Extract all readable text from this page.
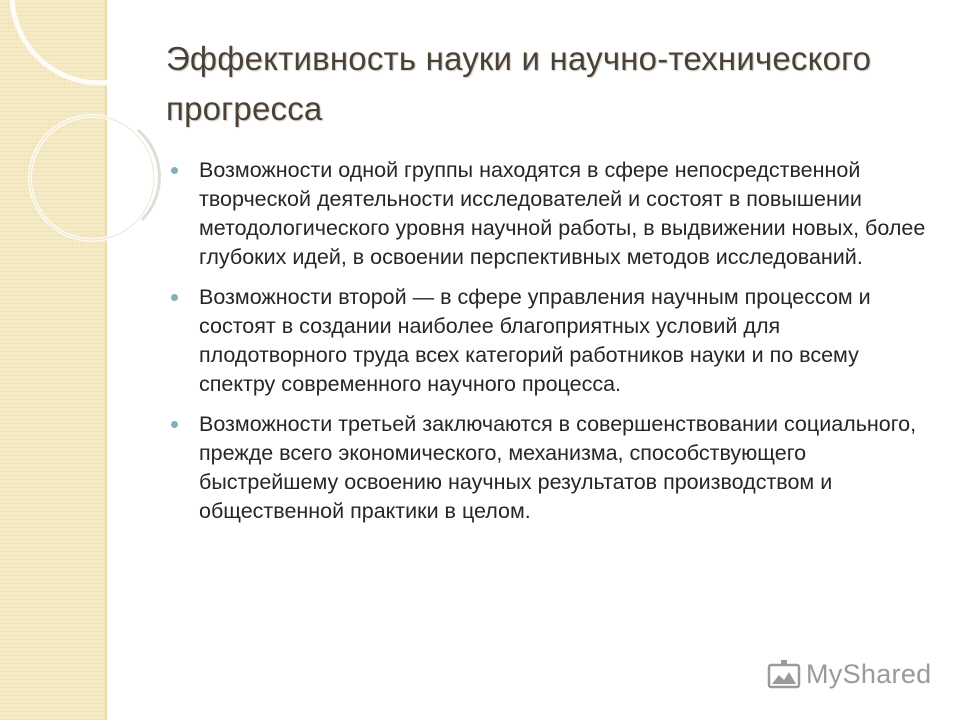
Эффективность науки и научно-технического прогресса
Возможности одной группы находятся в сфере непосредственной творческой деятельности исследователей и состоят в повышении методологического уровня научной работы, в выдвижении новых, более глубоких идей, в освоении перспективных методов исследований.
Возможности второй — в сфере управления научным процессом и состоят в создании наиболее благоприятных условий для плодотворного труда всех категорий работников науки и по всему спектру современного научного процесса.
Возможности третьей заключаются в совершенствовании социального, прежде всего экономического, механизма, способствующего быстрейшему освоению научных результатов производством и общественной практики в целом.
MyShared
